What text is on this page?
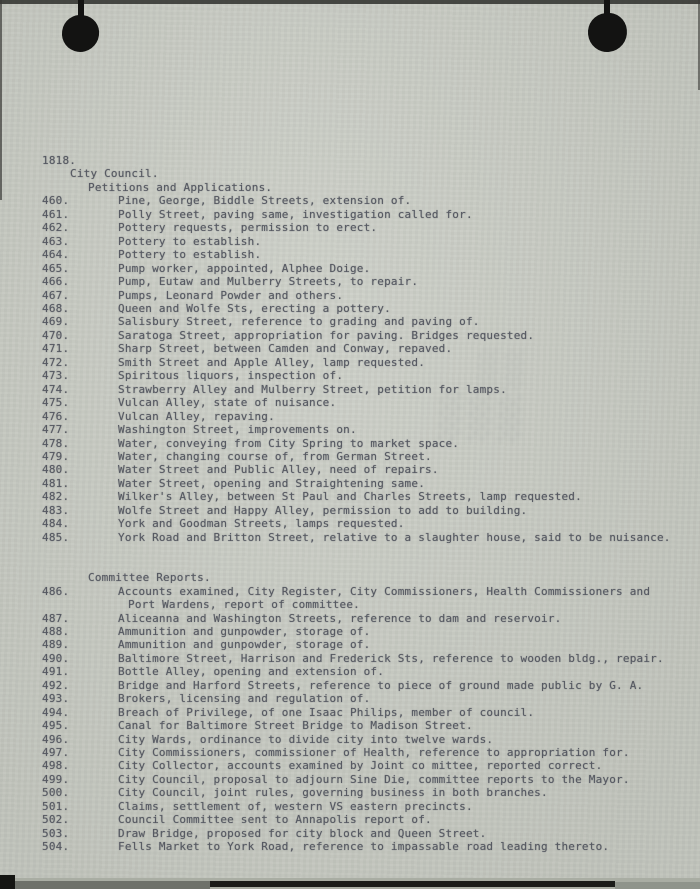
░░
░░░
1818.
City Council.
Petitions and Applications.
460.	Pine, George, Biddle Streets, extension of.
461.	Polly Street, paving same, investigation called for.
462.	Pottery requests, permission to erect.
463.	Pottery to establish.
464.	Pottery to establish.
465.	Pump worker, appointed, Alphee Doige.
466.	Pump, Eutaw and Mulberry Streets, to repair.
467.	Pumps, Leonard Powder and others.
468.	Queen and Wolfe Sts, erecting a pottery.
469.	Salisbury Street, reference to grading and paving of.
470.	Saratoga Street, appropriation for paving. Bridges requested.
471.	Sharp Street, between Camden and Conway, repaved.
472.	Smith Street and Apple Alley, lamp requested.
473.	Spiritous liquors, inspection of.
474.	Strawberry Alley and Mulberry Street, petition for lamps.
475.	Vulcan Alley, state of nuisance.
476.	Vulcan Alley, repaving.
477.	Washington Street, improvements on.
478.	Water, conveying from City Spring to market space.
479.	Water, changing course of, from German Street.
480.	Water Street and Public Alley, need of repairs.
481.	Water Street, opening and Straightening same.
482.	Wilker's Alley, between St Paul and Charles Streets, lamp requested.
483.	Wolfe Street and Happy Alley, permission to add to building.
484.	York and Goodman Streets, lamps requested.
485.	York Road and Britton Street, relative to a slaughter house, said to be nuisance.
Committee Reports.
486.	Accounts examined, City Register, City Commissioners, Health Commissioners and
Port Wardens, report of committee.
487.	Aliceanna and Washington Streets, reference to dam and reservoir.
488.	Ammunition and gunpowder, storage of.
489.	Ammunition and gunpowder, storage of.
490.	Baltimore Street, Harrison and Frederick Sts, reference to wooden bldg., repair.
491.	Bottle Alley, opening and extension of.
492.	Bridge and Harford Streets, reference to piece of ground made public by G. A.
493.	Brokers, licensing and regulation of.
494.	Breach of Privilege, of one Isaac Philips, member of council.
495.	Canal for Baltimore Street Bridge to Madison Street.
496.	City Wards, ordinance to divide city into twelve wards.
497.	City Commissioners, commissioner of Health, reference to appropriation for.
498.	City Collector, accounts examined by Joint co mittee, reported correct.
499.	City Council, proposal to adjourn Sine Die, committee reports to the Mayor.
500.	City Council, joint rules, governing business in both branches.
501.	Claims, settlement of, western VS eastern precincts.
502.	Council Committee sent to Annapolis report of.
503.	Draw Bridge, proposed for city block and Queen Street.
504.	Fells Market to York Road, reference to impassable road leading thereto.
